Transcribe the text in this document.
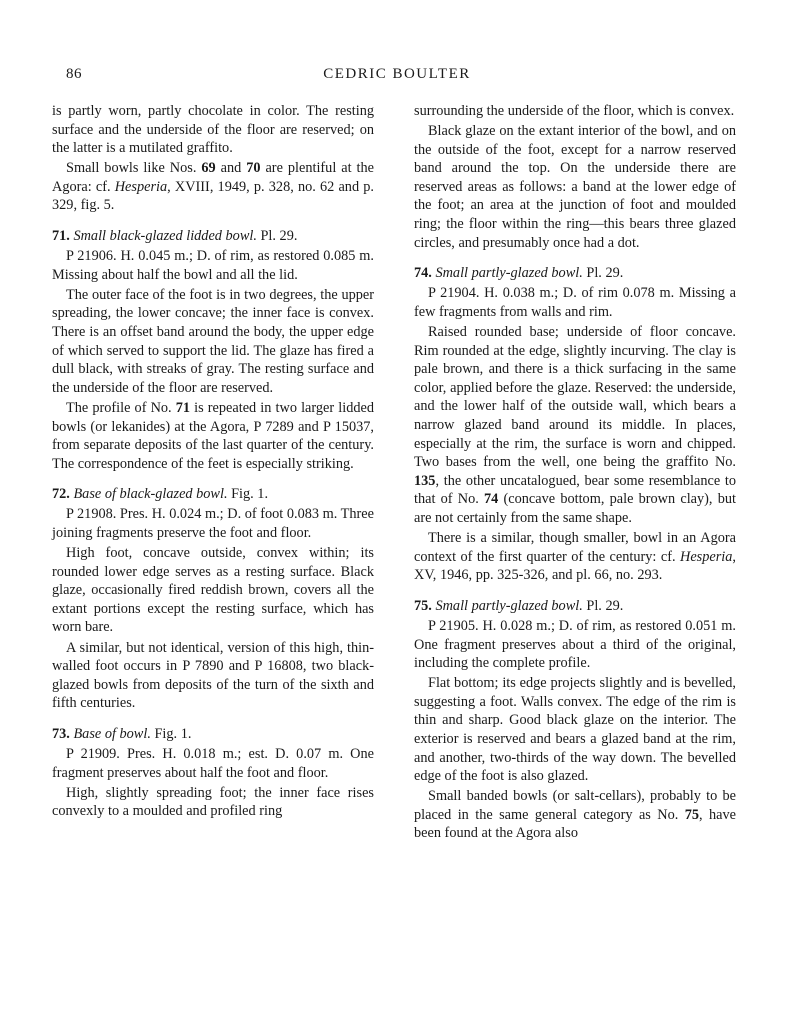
86	CEDRIC BOULTER

is partly worn, partly chocolate in color. The resting surface and the underside of the floor are reserved; on the latter is a mutilated graffito.

Small bowls like Nos. 69 and 70 are plentiful at the Agora: cf. Hesperia, XVIII, 1949, p. 328, no. 62 and p. 329, fig. 5.

71. Small black-glazed lidded bowl. Pl. 29.

P 21906. H. 0.045 m.; D. of rim, as restored 0.085 m. Missing about half the bowl and all the lid.

The outer face of the foot is in two degrees, the upper spreading, the lower concave; the inner face is convex. There is an offset band around the body, the upper edge of which served to support the lid. The glaze has fired a dull black, with streaks of gray. The resting surface and the underside of the floor are reserved.

The profile of No. 71 is repeated in two larger lidded bowls (or lekanides) at the Agora, P 7289 and P 15037, from separate deposits of the last quarter of the century. The correspondence of the feet is especially striking.

72. Base of black-glazed bowl. Fig. 1.

P 21908. Pres. H. 0.024 m.; D. of foot 0.083 m. Three joining fragments preserve the foot and floor.

High foot, concave outside, convex within; its rounded lower edge serves as a resting surface. Black glaze, occasionally fired reddish brown, covers all the extant portions except the resting surface, which has worn bare.

A similar, but not identical, version of this high, thin-walled foot occurs in P 7890 and P 16808, two black-glazed bowls from deposits of the turn of the sixth and fifth centuries.

73. Base of bowl. Fig. 1.

P 21909. Pres. H. 0.018 m.; est. D. 0.07 m. One fragment preserves about half the foot and floor.

High, slightly spreading foot; the inner face rises convexly to a moulded and profiled ring

surrounding the underside of the floor, which is convex.

Black glaze on the extant interior of the bowl, and on the outside of the foot, except for a narrow reserved band around the top. On the underside there are reserved areas as follows: a band at the lower edge of the foot; an area at the junction of foot and moulded ring; the floor within the ring—this bears three glazed circles, and presumably once had a dot.

74. Small partly-glazed bowl. Pl. 29.

P 21904. H. 0.038 m.; D. of rim 0.078 m. Missing a few fragments from walls and rim.

Raised rounded base; underside of floor concave. Rim rounded at the edge, slightly incurving. The clay is pale brown, and there is a thick surfacing in the same color, applied before the glaze. Reserved: the underside, and the lower half of the outside wall, which bears a narrow glazed band around its middle. In places, especially at the rim, the surface is worn and chipped. Two bases from the well, one being the graffito No. 135, the other uncatalogued, bear some resemblance to that of No. 74 (concave bottom, pale brown clay), but are not certainly from the same shape.

There is a similar, though smaller, bowl in an Agora context of the first quarter of the century: cf. Hesperia, XV, 1946, pp. 325-326, and pl. 66, no. 293.

75. Small partly-glazed bowl. Pl. 29.

P 21905. H. 0.028 m.; D. of rim, as restored 0.051 m. One fragment preserves about a third of the original, including the complete profile.

Flat bottom; its edge projects slightly and is bevelled, suggesting a foot. Walls convex. The edge of the rim is thin and sharp. Good black glaze on the interior. The exterior is reserved and bears a glazed band at the rim, and another, two-thirds of the way down. The bevelled edge of the foot is also glazed.

Small banded bowls (or salt-cellars), probably to be placed in the same general category as No. 75, have been found at the Agora also
